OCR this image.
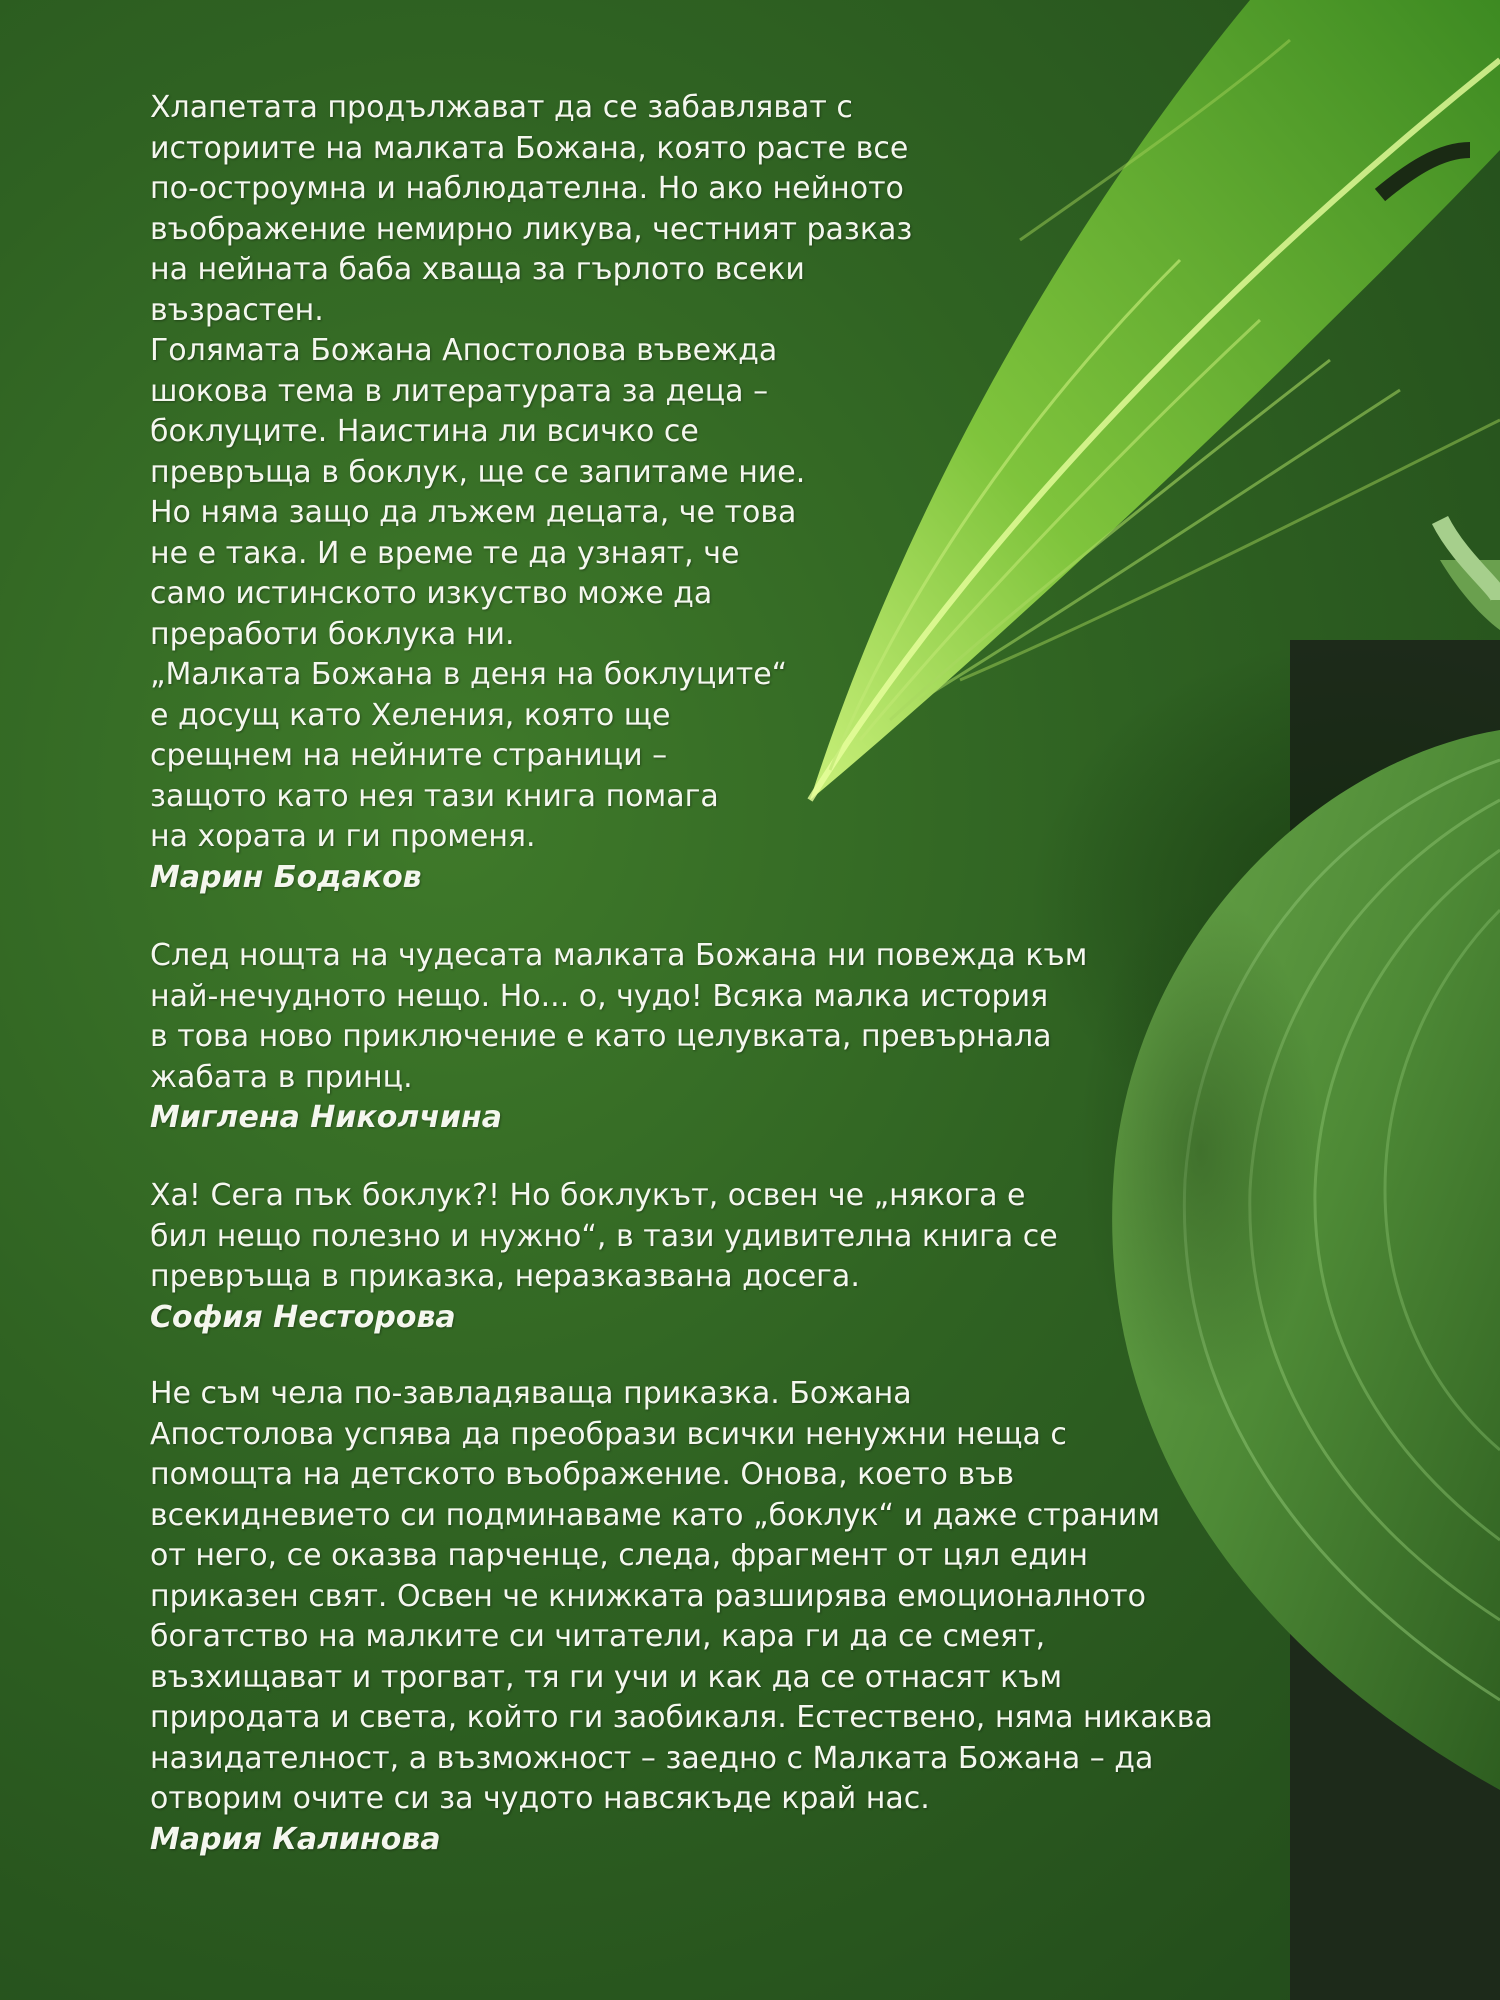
Хлапетата продължават да се забавляват с
историите на малката Божана, която расте все
по-остроумна и наблюдателна. Но ако нейното
въображение немирно ликува, честният разказ
на нейната баба хваща за гърлото всеки
възрастен.
Голямата Божана Апостолова въвежда
шокова тема в литературата за деца –
боклуците. Наистина ли всичко се
превръща в боклук, ще се запитаме ние.
Но няма защо да лъжем децата, че това
не е така. И е време те да узнаят, че
само истинското изкуство може да
преработи боклука ни.
„Малката Божана в деня на боклуците“
е досущ като Хеления, която ще
срещнем на нейните страници –
защото като нея тази книга помага
на хората и ги променя.
Марин Бодаков
След нощта на чудесата малката Божана ни повежда към
най-нечудното нещо. Но... о, чудо! Всяка малка история
в това ново приключение е като целувката, превърнала
жабата в принц.
Миглена Николчина
Ха! Сега пък боклук?! Но боклукът, освен че „някога е
бил нещо полезно и нужно“, в тази удивителна книга се
превръща в приказка, неразказвана досега.
София Несторова
Не съм чела по-завладяваща приказка. Божана
Апостолова успява да преобрази всички ненужни неща с
помощта на детското въображение. Онова, което във
всекидневието си подминаваме като „боклук“ и даже страним
от него, се оказва парченце, следа, фрагмент от цял един
приказен свят. Освен че книжката разширява емоционалното
богатство на малките си читатели, кара ги да се смеят,
възхищават и трогват, тя ги учи и как да се отнасят към
природата и света, който ги заобикаля. Естествено, няма никаква
назидателност, а възможност – заедно с Малката Божана – да
отворим очите си за чудото навсякъде край нас.
Мария Калинова
